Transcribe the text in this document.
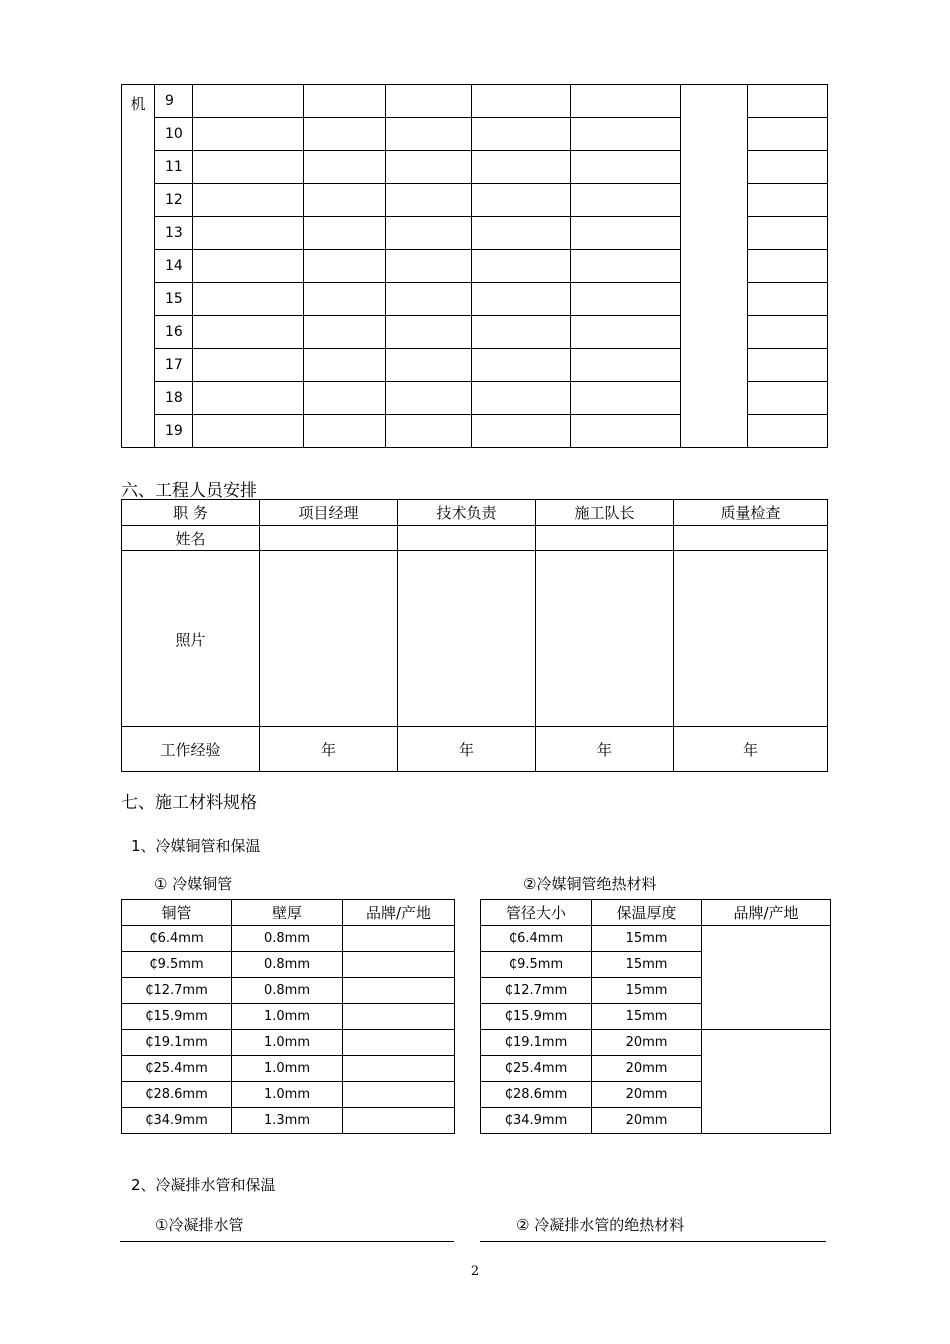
机	9							
	10							
	11							
	12							
	13							
	14							
	15							
	16							
	17							
	18							
	19							
六、工程人员安排
职 务	项目经理	技术负责	施工队长	质量检查
姓名				
照片				
工作经验	年	年	年	年
七、施工材料规格
1、冷媒铜管和保温
① 冷媒铜管	②冷媒铜管绝热材料
铜管	壁厚	品牌/产地
₵6.4mm	0.8mm	
₵9.5mm	0.8mm	
₵12.7mm	0.8mm	
₵15.9mm	1.0mm	
₵19.1mm	1.0mm	
₵25.4mm	1.0mm	
₵28.6mm	1.0mm	
₵34.9mm	1.3mm	
管径大小	保温厚度	品牌/产地
₵6.4mm	15mm	
₵9.5mm	15mm	
₵12.7mm	15mm	
₵15.9mm	15mm	
₵19.1mm	20mm	
₵25.4mm	20mm	
₵28.6mm	20mm	
₵34.9mm	20mm	
2、冷凝排水管和保温
①冷凝排水管	② 冷凝排水管的绝热材料
2
